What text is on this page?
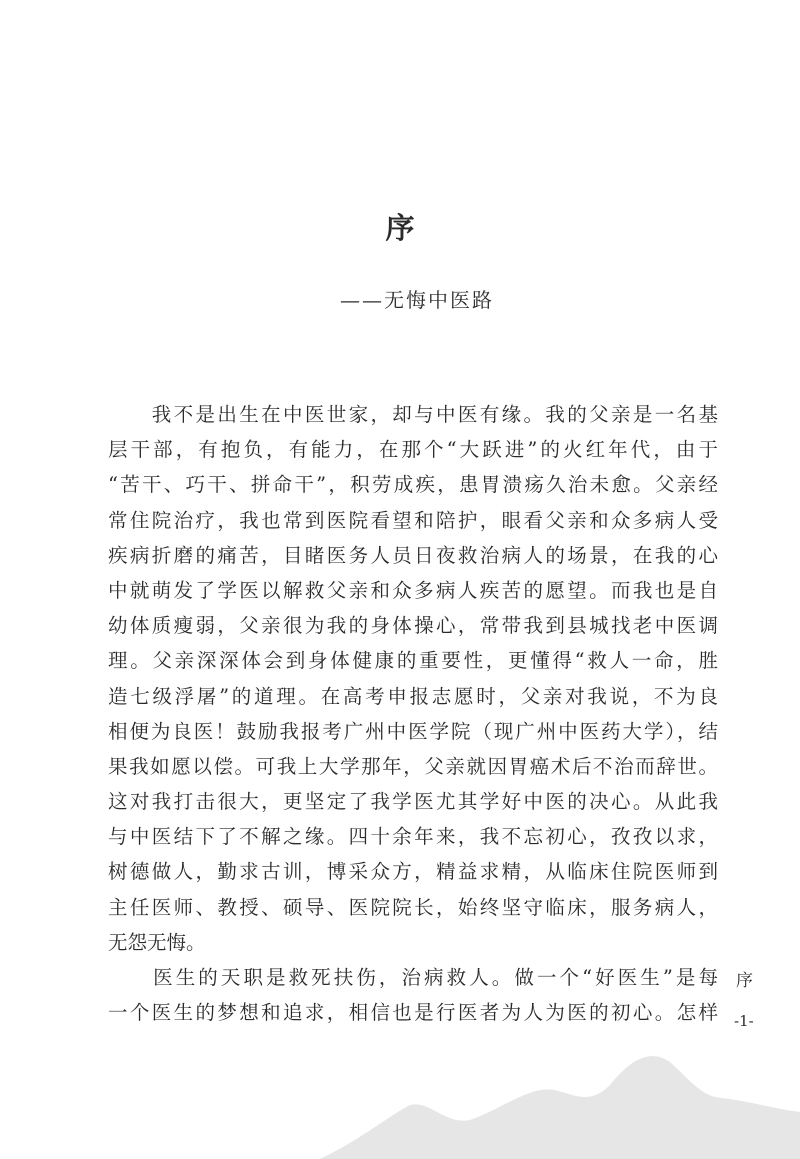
序
——无悔中医路
　　我不是出生在中医世家，却与中医有缘。我的父亲是一名基
层干部，有抱负，有能力，在那个“大跃进”的火红年代，由于
“苦干、巧干、拼命干”，积劳成疾，患胃溃疡久治未愈。父亲经
常住院治疗，我也常到医院看望和陪护，眼看父亲和众多病人受
疾病折磨的痛苦，目睹医务人员日夜救治病人的场景，在我的心
中就萌发了学医以解救父亲和众多病人疾苦的愿望。而我也是自
幼体质瘦弱，父亲很为我的身体操心，常带我到县城找老中医调
理。父亲深深体会到身体健康的重要性，更懂得“救人一命，胜
造七级浮屠”的道理。在高考申报志愿时，父亲对我说，不为良
相便为良医！鼓励我报考广州中医学院（现广州中医药大学），结
果我如愿以偿。可我上大学那年，父亲就因胃癌术后不治而辞世。
这对我打击很大，更坚定了我学医尤其学好中医的决心。从此我
与中医结下了不解之缘。四十余年来，我不忘初心，孜孜以求，
树德做人，勤求古训，博采众方，精益求精，从临床住院医师到
主任医师、教授、硕导、医院院长，始终坚守临床，服务病人，
无怨无悔。
　　医生的天职是救死扶伤，治病救人。做一个“好医生”是每
一个医生的梦想和追求，相信也是行医者为人为医的初心。怎样
序
-1-
